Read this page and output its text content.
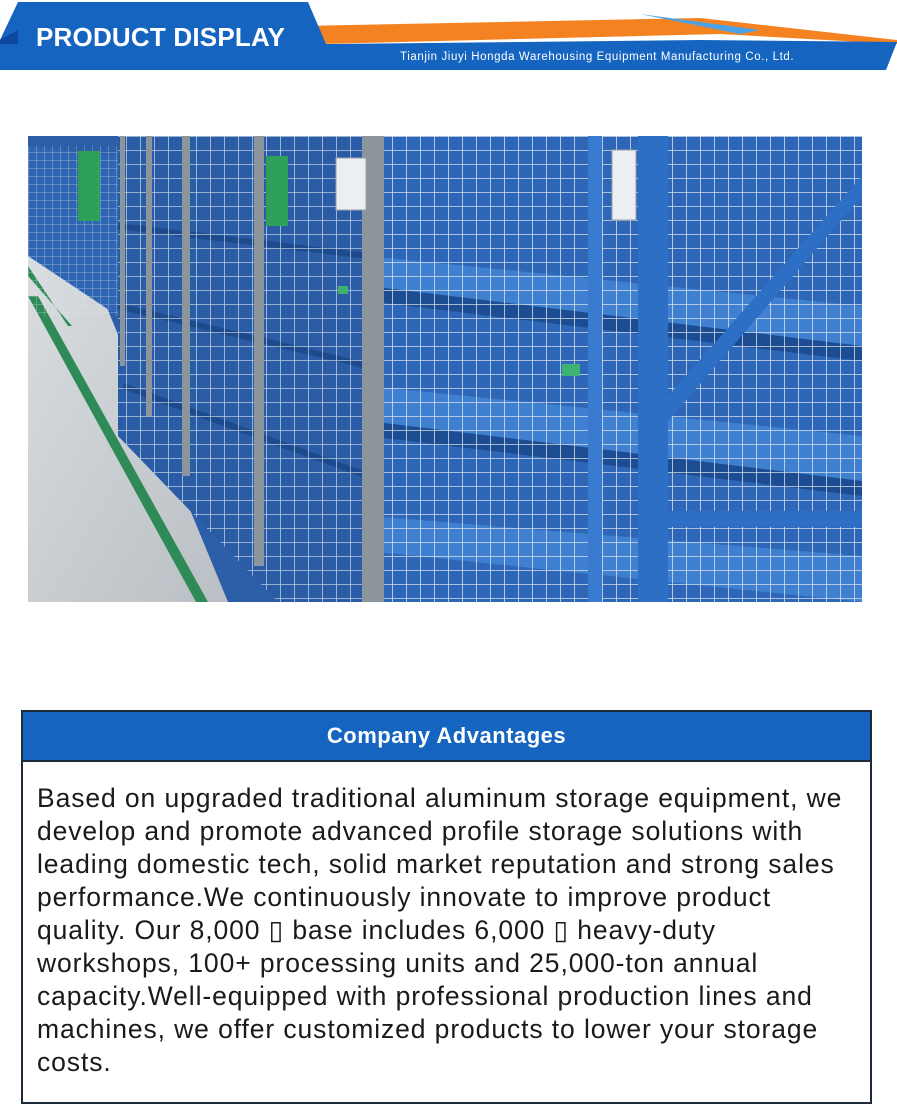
PRODUCT DISPLAY
Tianjin Jiuyi Hongda Warehousing Equipment Manufacturing Co., Ltd.
Company Advantages
Based on upgraded traditional aluminum storage equipment, we develop and promote advanced profile storage solutions with leading domestic tech, solid market reputation and strong sales performance.We continuously innovate to improve product quality. Our 8,000 ▯ base includes 6,000 ▯ heavy-duty workshops, 100+ processing units and 25,000-ton annual capacity.Well-equipped with professional production lines and machines, we offer customized products to lower your storage costs.
